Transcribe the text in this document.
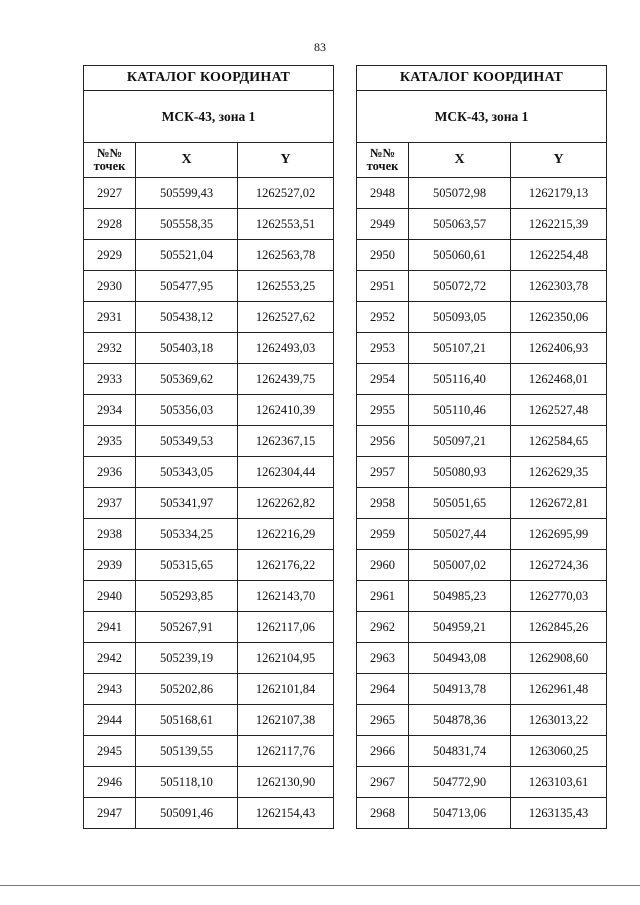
83
КАТАЛОГ КООРДИНАТ		
МСК-43, зона 1		

№№
точек	X	Y
2927	505599,43	1262527,02
2928	505558,35	1262553,51
2929	505521,04	1262563,78
2930	505477,95	1262553,25
2931	505438,12	1262527,62
2932	505403,18	1262493,03
2933	505369,62	1262439,75
2934	505356,03	1262410,39
2935	505349,53	1262367,15
2936	505343,05	1262304,44
2937	505341,97	1262262,82
2938	505334,25	1262216,29
2939	505315,65	1262176,22
2940	505293,85	1262143,70
2941	505267,91	1262117,06
2942	505239,19	1262104,95
2943	505202,86	1262101,84
2944	505168,61	1262107,38
2945	505139,55	1262117,76
2946	505118,10	1262130,90
2947	505091,46	1262154,43
КАТАЛОГ КООРДИНАТ		
МСК-43, зона 1		

№№
точек	X	Y
2948	505072,98	1262179,13
2949	505063,57	1262215,39
2950	505060,61	1262254,48
2951	505072,72	1262303,78
2952	505093,05	1262350,06
2953	505107,21	1262406,93
2954	505116,40	1262468,01
2955	505110,46	1262527,48
2956	505097,21	1262584,65
2957	505080,93	1262629,35
2958	505051,65	1262672,81
2959	505027,44	1262695,99
2960	505007,02	1262724,36
2961	504985,23	1262770,03
2962	504959,21	1262845,26
2963	504943,08	1262908,60
2964	504913,78	1262961,48
2965	504878,36	1263013,22
2966	504831,74	1263060,25
2967	504772,90	1263103,61
2968	504713,06	1263135,43
